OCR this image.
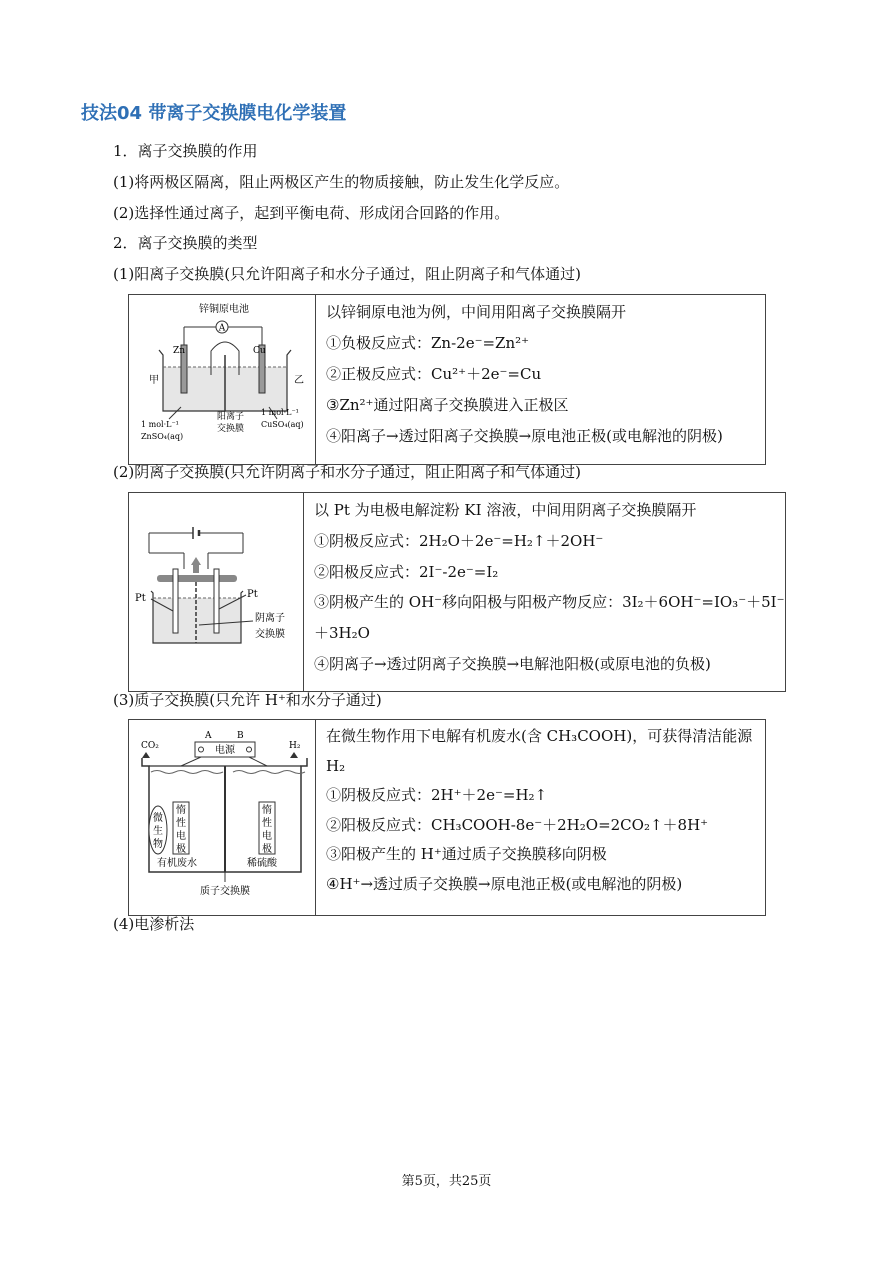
技法04 带离子交换膜电化学装置
1．离子交换膜的作用
(1)将两极区隔离，阻止两极区产生的物质接触，防止发生化学反应。
(2)选择性通过离子，起到平衡电荷、形成闭合回路的作用。
2．离子交换膜的类型
(1)阳离子交换膜(只允许阳离子和水分子通过，阻止阴离子和气体通过)
锌铜原电池
A
Zn	Cu
甲	乙
阳离子
交换膜
1 mol·L⁻¹
ZnSO₄(aq)
1 mol·L⁻¹
CuSO₄(aq)

以锌铜原电池为例，中间用阳离子交换膜隔开
①负极反应式：Zn-2e⁻=Zn²⁺
②正极反应式：Cu²⁺＋2e⁻=Cu
③Zn²⁺通过阳离子交换膜进入正极区
④阳离子→透过阳离子交换膜→原电池正极(或电解池的阴极)
(2)阴离子交换膜(只允许阴离子和水分子通过，阻止阳离子和气体通过)
Pt	Pt
阴离子
交换膜

以 Pt 为电极电解淀粉 KI 溶液，中间用阴离子交换膜隔开
①阴极反应式：2H₂O＋2e⁻=H₂↑＋2OH⁻
②阳极反应式：2I⁻-2e⁻=I₂
③阴极产生的 OH⁻移向阳极与阳极产物反应：3I₂＋6OH⁻=IO₃⁻＋5I⁻
＋3H₂O
④阴离子→透过阴离子交换膜→电解池阳极(或原电池的负极)
(3)质子交换膜(只允许 H⁺和水分子通过)
CO₂	H₂
A	B
电源
惰性电极
惰性电极
微生物
有机废水	稀硫酸
质子交换膜

在微生物作用下电解有机废水(含 CH₃COOH)，可获得清洁能源
H₂
①阴极反应式：2H⁺＋2e⁻=H₂↑
②阳极反应式：CH₃COOH-8e⁻＋2H₂O=2CO₂↑＋8H⁺
③阳极产生的 H⁺通过质子交换膜移向阴极
④H⁺→透过质子交换膜→原电池正极(或电解池的阴极)
(4)电渗析法
第5页，共25页
